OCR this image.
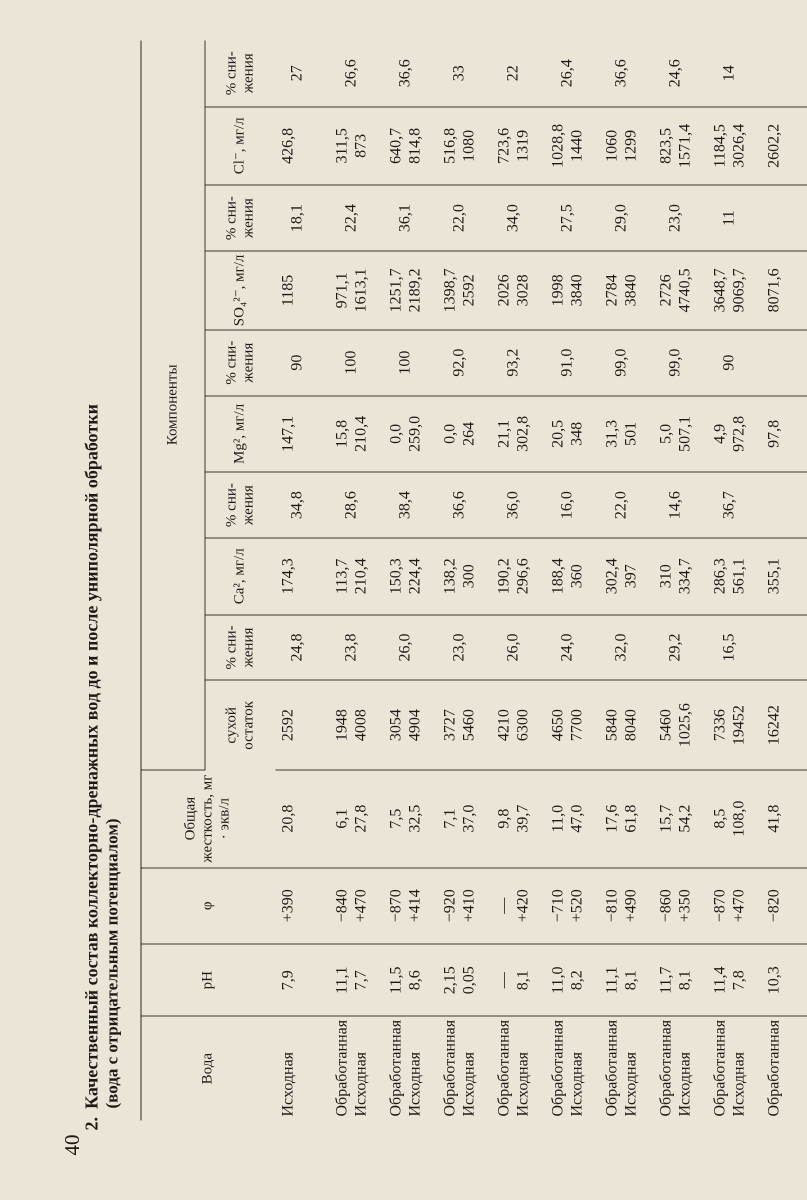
40
2.Качественный состав коллекторно-дренажных вод до и после униполярной обработки (вода с отрицательным потенциалом)	Вода	pH	φ	Общая жесткость, мг · экв/л	Компоненты									
				сухой остаток	% сни-жения	Ca², мг/л	% сни-жения	Mg², мг/л	% сни-жения	SO₄²⁻, мг/л	% сни-жения	Cl⁻, мг/л	% сни-жения

Исходная	7,9	+390	20,8	2592	24,8	174,3	34,8	147,1	90	1185	18,1	426,8	27

Обработанная Исходная	11,1 7,7	−840 +470	6,1 27,8	1948 4008	23,8	113,7 210,4	28,6	15,8 210,4	100	971,1 1613,1	22,4	311,5 873	26,6

Обработанная Исходная	11,5 8,6	−870 +414	7,5 32,5	3054 4904	26,0	150,3 224,4	38,4	0,0 259,0	100	1251,7 2189,2	36,1	640,7 814,8	36,6

Обработанная Исходная	2,15 0,05	−920 +410	7,1 37,0	3727 5460	23,0	138,2 300	36,6	0,0 264	92,0	1398,7 2592	22,0	516,8 1080	33

Обработанная Исходная	— 8,1	— +420	9,8 39,7	4210 6300	26,0	190,2 296,6	36,0	21,1 302,8	93,2	2026 3028	34,0	723,6 1319	22

Обработанная Исходная	11,0 8,2	−710 +520	11,0 47,0	4650 7700	24,0	188,4 360	16,0	20,5 348	91,0	1998 3840	27,5	1028,8 1440	26,4

Обработанная Исходная	11,1 8,1	−810 +490	17,6 61,8	5840 8040	32,0	302,4 397	22,0	31,3 501	99,0	2784 3840	29,0	1060 1299	36,6

Обработанная Исходная	11,7 8,1	−860 +350	15,7 54,2	5460 1025,6	29,2	310 334,7	14,6	5,0 507,1	99,0	2726 4740,5	23,0	823,5 1571,4	24,6

Обработанная Исходная	11,4 7,8	−870 +470	8,5 108,0	7336 19452	16,5	286,3 561,1	36,7	4,9 972,8	90	3648,7 9069,7	11	1184,5 3026,4	14

Обработанная	10,3	−820	41,8	16242		355,1		97,8		8071,6		2602,2	
